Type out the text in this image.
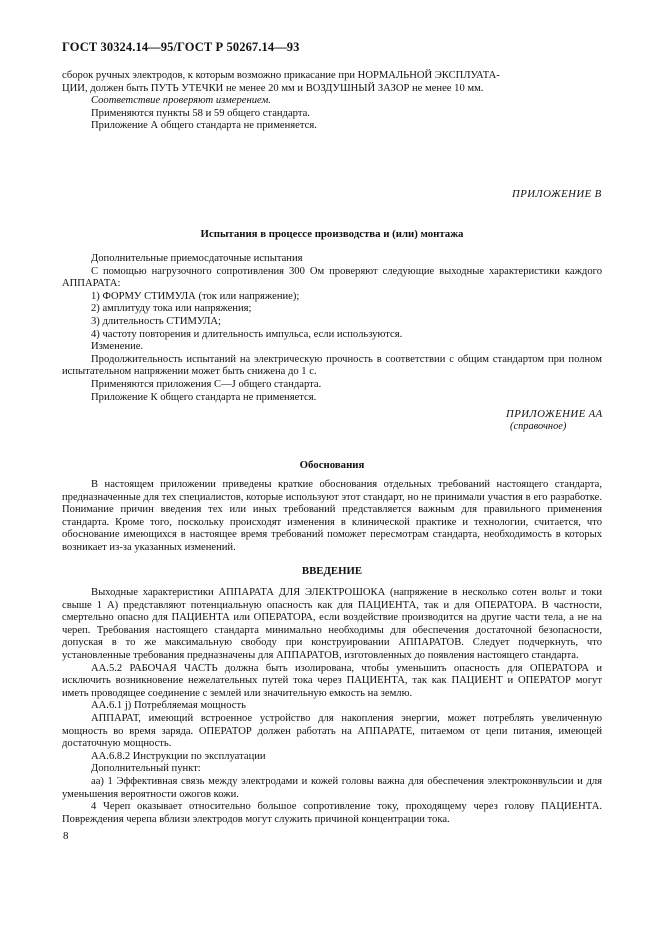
ГОСТ 30324.14—95/ГОСТ Р 50267.14—93

сборок ручных электродов, к которым возможно прикасание при НОРМАЛЬНОЙ ЭКСПЛУАТА-

ЦИИ, должен быть ПУТЬ УТЕЧКИ не менее 20 мм и ВОЗДУШНЫЙ ЗАЗОР не менее 10 мм.

Соответствие проверяют измерением.

Применяются пункты 58 и 59 общего стандарта.

Приложение А общего стандарта не применяется.

ПРИЛОЖЕНИЕ В
Испытания в процессе производства и (или) монтажа

Дополнительные приемосдаточные испытания

С помощью нагрузочного сопротивления 300 Ом проверяют следующие выходные характеристики каждого АППАРАТА:

1) ФОРМУ СТИМУЛА (ток или напряжение);

2) амплитуду тока или напряжения;

3) длительность СТИМУЛА;

4) частоту повторения и длительность импульса, если используются.

Изменение.

Продолжительность испытаний на электрическую прочность в соответствии с общим стандартом при полном испытательном напряжении может быть снижена до 1 с.

Применяются приложения С—J общего стандарта.

Приложение К общего стандарта не применяется.

ПРИЛОЖЕНИЕ АА
(справочное)
Обоснования

В настоящем приложении приведены краткие обоснования отдельных требований настоящего стандарта, предназначенные для тех специалистов, которые используют этот стандарт, но не принимали участия в его разработке. Понимание причин введения тех или иных требований представляется важным для правильного применения стандарта. Кроме того, поскольку происходят изменения в клинической практике и технологии, считается, что обоснование имеющихся в настоящее время требований поможет пересмотрам стандарта, необходимость в которых возникает из-за указанных изменений.

ВВЕДЕНИЕ

Выходные характеристики АППАРАТА ДЛЯ ЭЛЕКТРОШОКА (напряжение в несколько сотен вольт и токи свыше 1 А) представляют потенциальную опасность как для ПАЦИЕНТА, так и для ОПЕРАТОРА. В частности, смертельно опасно для ПАЦИЕНТА или ОПЕРАТОРА, если воздействие производится на другие части тела, а не на череп. Требования настоящего стандарта минимально необходимы для обеспечения достаточной безопасности, допуская в то же максимальную свободу при конструировании АППАРАТОВ. Следует подчеркнуть, что установленные требования предназначены для АППАРАТОВ, изготовленных до появления настоящего стандарта.

АА.5.2 РАБОЧАЯ ЧАСТЬ должна быть изолирована, чтобы уменьшить опасность для ОПЕРАТОРА и исключить возникновение нежелательных путей тока через ПАЦИЕНТА, так как ПАЦИЕНТ и ОПЕРАТОР могут иметь проводящее соединение с землей или значительную емкость на землю.

АА.6.1 j) Потребляемая мощность

АППАРАТ, имеющий встроенное устройство для накопления энергии, может потреблять увеличенную мощность во время заряда. ОПЕРАТОР должен работать на АППАРАТЕ, питаемом от цепи питания, имеющей достаточную мощность.

АА.6.8.2 Инструкции по эксплуатации

Дополнительный пункт:

аа) 1 Эффективная связь между электродами и кожей головы важна для обеспечения электроконвульсии и для уменьшения вероятности ожогов кожи.

4 Череп оказывает относительно большое сопротивление току, проходящему через голову ПАЦИЕНТА. Повреждения черепа вблизи электродов могут служить причиной концентрации тока.

8
